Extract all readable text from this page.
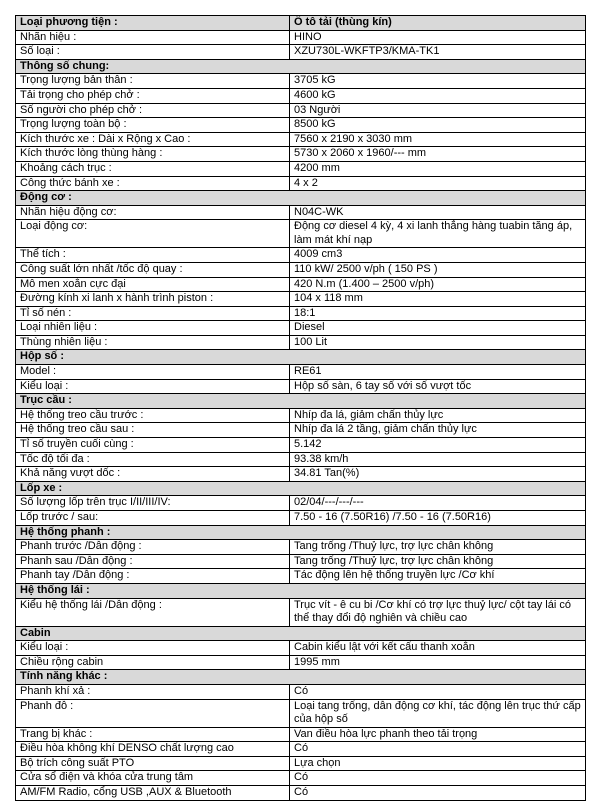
Loại phương tiện :	Ô tô tải (thùng kín)
Nhãn hiệu :	HINO
Số loại :	XZU730L-WKFTP3/KMA-TK1
Thông số chung:	
Trọng lượng bản thân :	3705 kG
Tải trọng cho phép chở :	4600 kG
Số người cho phép chở :	03 Người
Trọng lượng toàn bộ :	8500 kG
Kích thước xe : Dài x Rộng x Cao :	7560 x 2190 x 3030 mm
Kích thước lòng thùng hàng :	5730 x 2060 x 1960/--- mm
Khoảng cách trục :	4200 mm
Công thức bánh xe :	4 x 2
Động cơ :	
Nhãn hiệu động cơ:	N04C-WK
Loại động cơ:	Động cơ diesel 4 kỳ, 4 xi lanh thẳng hàng tuabin tăng áp, làm mát khí nạp
Thể tích :	4009 cm3
Công suất lớn nhất /tốc độ quay :	110 kW/ 2500 v/ph ( 150 PS )
Mô men xoắn cực đại	420 N.m (1.400 – 2500 v/ph)
Đường kính xi lanh x hành trình piston :	104 x 118 mm
Tỉ số nén :	18:1
Loại nhiên liệu :	Diesel
Thùng nhiên liệu :	100 Lit
Hộp số :	
Model :	RE61
Kiểu loại :	Hộp số sàn, 6 tay số với số vượt tốc
Trục cầu :	
Hệ thống treo cầu trước :	Nhíp đa lá, giảm chấn thủy lực
Hệ thống treo cầu sau :	Nhíp đa lá 2 tầng, giảm chấn thủy lực
Tỉ số truyền cuối cùng :	5.142
Tốc độ tối đa :	93.38 km/h
Khả năng vượt dốc :	34.81 Tan(%)
Lốp xe :	
Số lượng lốp trên trục I/II/III/IV:	02/04/---/---/---
Lốp trước / sau:	7.50 - 16 (7.50R16) /7.50 - 16 (7.50R16)
Hệ thống phanh :	
Phanh trước /Dẫn động :	Tang trống /Thuỷ lực, trợ lực chân không
Phanh sau /Dẫn động :	Tang trống /Thuỷ lực, trợ lực chân không
Phanh tay /Dẫn động :	Tác động lên hệ thống truyền lực /Cơ khí
Hệ thống lái :	
Kiểu hệ thống lái /Dẫn động :	Trục vít - ê cu bi /Cơ khí có trợ lực thuỷ lực/ cột tay lái có thể thay đổi độ nghiên và chiều cao
Cabin	
Kiểu loại :	Cabin kiểu lật với kết cấu thanh xoắn
Chiều rộng cabin	1995 mm
Tính năng khác :	
Phanh khí xả :	Có
Phanh đỗ :	Loại tang trống, dẫn động cơ khí, tác động lên trục thứ cấp của hộp số
Trang bị khác :	Van điều hòa lực phanh theo tải trọng
Điều hòa không khí DENSO chất lượng cao	Có
Bộ trích công suất PTO	Lựa chọn
Cửa sổ điện và khóa cửa trung tâm	Có
AM/FM Radio, cổng USB ,AUX & Bluetooth	Có
